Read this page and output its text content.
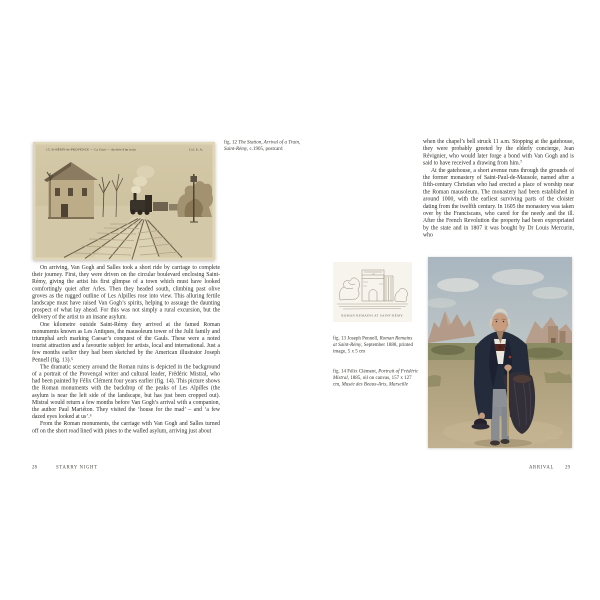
15. St-RÉMY-de-PROVENCE — La Gare — Arrivée d'un train	Col. E. A.
fig. 12 The Station, Arrival of a Train, Saint-Rémy, c.1905, postcard

On arriving, Van Gogh and Salles took a short ride by carriage to complete their journey. First, they were driven on the circular boulevard enclosing Saint-Rémy, giving the artist his first glimpse of a town which must have looked comfortingly quiet after Arles. Then they headed south, climbing past olive groves as the rugged outline of Les Alpilles rose into view. This alluring fertile landscape must have raised Van Gogh’s spirits, helping to assuage the daunting prospect of what lay ahead. For this was not simply a rural excursion, but the delivery of the artist to an insane asylum.

One kilometre outside Saint-Rémy they arrived at the famed Roman monuments known as Les Antiques, the mausoleum tower of the Julii family and triumphal arch marking Caesar’s conquest of the Gauls. These were a noted tourist attraction and a favourite subject for artists, local and international. Just a few months earlier they had been sketched by the American illustrator Joseph Pennell (fig. 13).⁵

The dramatic scenery around the Roman ruins is depicted in the background of a portrait of the Provençal writer and cultural leader, Frédéric Mistral, who had been painted by Félix Clément four years earlier (fig. 14). This picture shows the Roman monuments with the backdrop of the peaks of Les Alpilles (the asylum is near the left side of the landscape, but has just been cropped out). Mistral would return a few months before Van Gogh’s arrival with a companion, the author Paul Mariéton. They visited the ‘house for the mad’ – and ‘a few dazed eyes looked at us’.⁶

From the Roman monuments, the carriage with Van Gogh and Salles turned off on the short road lined with pines to the walled asylum, arriving just about

28 STARRY NIGHT

when the chapel’s bell struck 11 a.m. Stopping at the gatehouse, they were probably greeted by the elderly concierge, Jean Révignier, who would later forge a bond with Van Gogh and is said to have received a drawing from him.⁷

At the gatehouse, a short avenue runs through the grounds of the former monastery of Saint-Paul-de-Mausole, named after a fifth-century Christian who had erected a place of worship near the Roman mausoleum. The monastery had been established in around 1000, with the earliest surviving parts of the cloister dating from the twelfth century. In 1605 the monastery was taken over by the Franciscans, who cared for the needy and the ill. After the French Revolution the property had been expropriated by the state and in 1807 it was bought by Dr Louis Mercurin, who

ROMAN REMAINS AT SAINT-RÉMY.
fig. 13 Joseph Pennell, Roman Remains at Saint-Rémy, September 1888, printed image, 5 x 5 cm
fig. 14 Félix Clément, Portrait of Frédéric Mistral, 1885, oil on canvas, 157 x 127 cm, Musée des Beaux-Arts, Marseille
ARRIVAL 29
